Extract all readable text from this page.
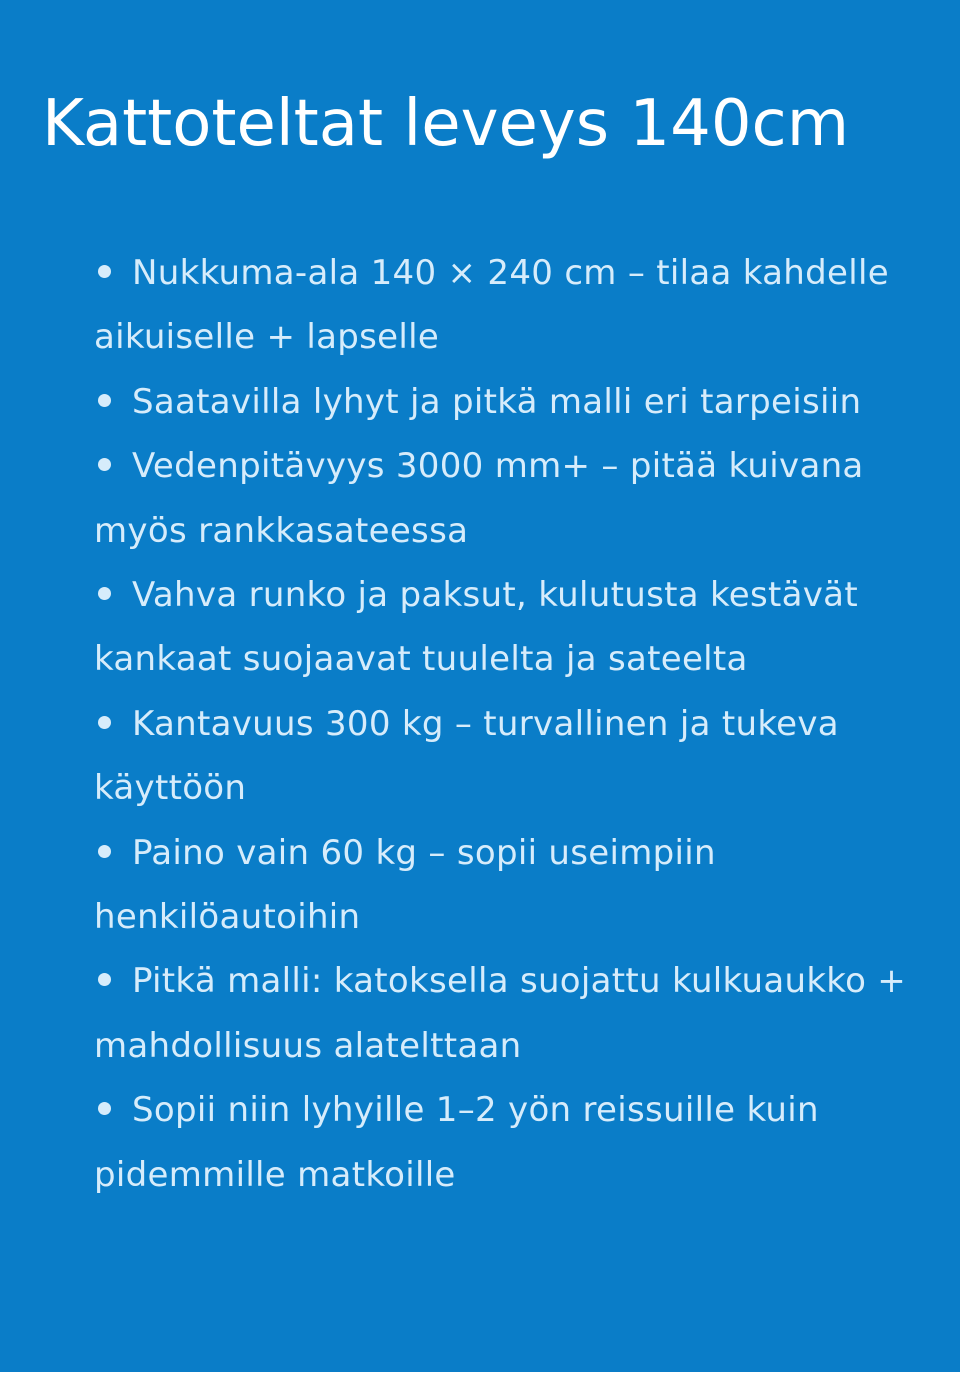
Kattoteltat leveys 140cm
Nukkuma-ala 140 × 240 cm – tilaa kahdelle aikuiselle + lapselle
Saatavilla lyhyt ja pitkä malli eri tarpeisiin
Vedenpitävyys 3000 mm+ – pitää kuivana myös rankkasateessa
Vahva runko ja paksut, kulutusta kestävät kankaat suojaavat tuulelta ja sateelta
Kantavuus 300 kg – turvallinen ja tukeva käyttöön
Paino vain 60 kg – sopii useimpiin henkilöautoihin
Pitkä malli: katoksella suojattu kulkuaukko + mahdollisuus alatelttaan
Sopii niin lyhyille 1–2 yön reissuille kuin pidemmille matkoille
